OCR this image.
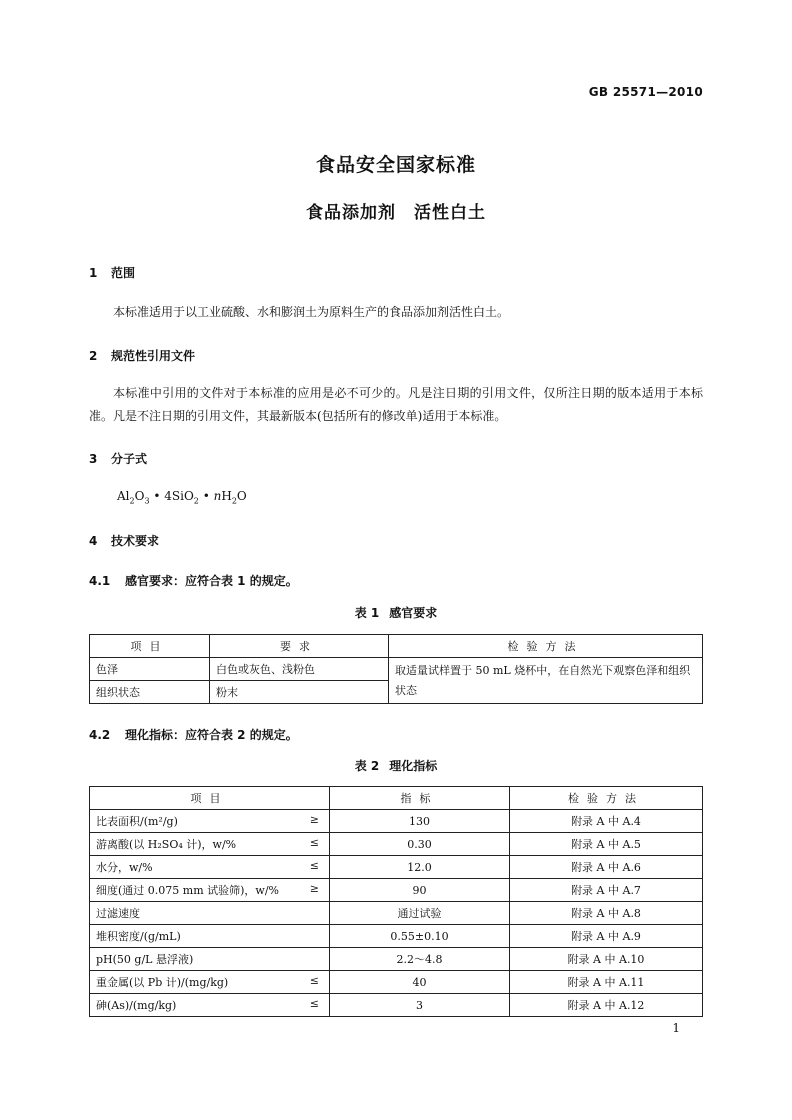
GB 25571—2010
食品安全国家标准
食品添加剂　活性白土
1 范围
本标准适用于以工业硫酸、水和膨润土为原料生产的食品添加剂活性白土。
2 规范性引用文件
本标准中引用的文件对于本标准的应用是必不可少的。凡是注日期的引用文件，仅所注日期的版本适用于本标准。凡是不注日期的引用文件，其最新版本(包括所有的修改单)适用于本标准。
3 分子式
$Al_2O_3$ • 4SiO$_2$ • $nH_2O$
4 技术要求
4.1 感官要求：应符合表 1 的规定。
表 1 感官要求
项目	要求	检验方法
色泽	白色或灰色、浅粉色	取适量试样置于 50 mL 烧杯中，在自然光下观察色泽和组织状态
组织状态	粉末	
4.2 理化指标：应符合表 2 的规定。
表 2 理化指标
项目	指标	检验方法
比表面积/(m²/g) ≥	130	附录 A 中 A.4
游离酸(以 H₂SO₄ 计)，w/% ≤	0.30	附录 A 中 A.5
水分，w/% ≤	12.0	附录 A 中 A.6
细度(通过 0.075 mm 试验筛)，w/% ≥	90	附录 A 中 A.7
过滤速度	通过试验	附录 A 中 A.8
堆积密度/(g/mL)	0.55±0.10	附录 A 中 A.9
pH(50 g/L 悬浮液)	2.2～4.8	附录 A 中 A.10
重金属(以 Pb 计)/(mg/kg) ≤	40	附录 A 中 A.11
砷(As)/(mg/kg) ≤	3	附录 A 中 A.12
1
